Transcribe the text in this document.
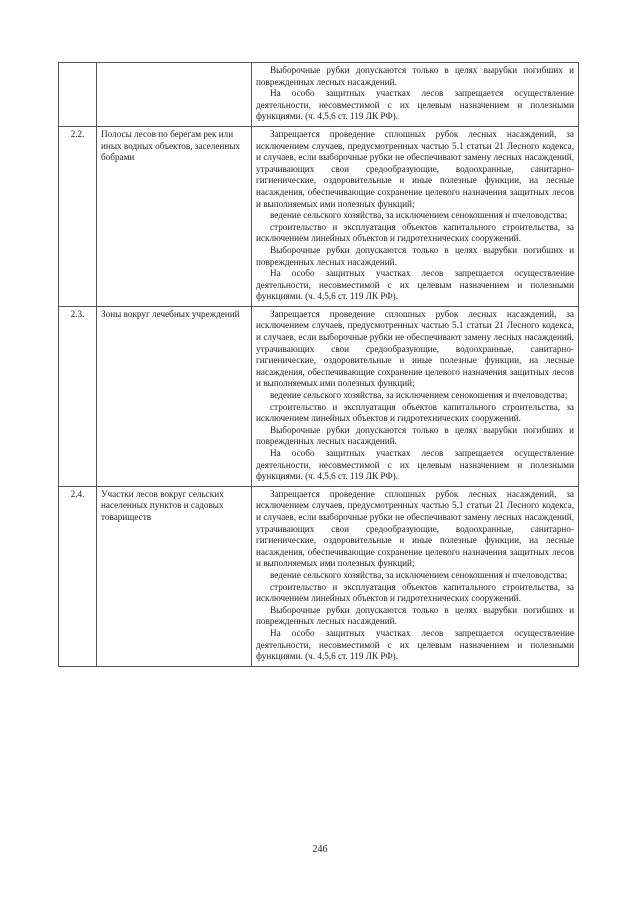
		Выборочные рубки допускаются только в целях вырубки погибших и поврежденных лесных насаждений.

На особо защитных участках лесов запрещается осуществление деятельности, несовместимой с их целевым назначением и полезными функциями. (ч. 4,5,6 ст. 119 ЛК РФ).

2.2.	Полосы лесов по берегам рек или иных водных объектов, заселенных бобрами	Запрещается проведение сплошных рубок лесных насаждений, за исключением случаев, предусмотренных частью 5.1 статьи 21 Лесного кодекса, и случаев, если выборочные рубки не обеспечивают замену лесных насаждений, утрачивающих свои средообразующие, водоохранные, санитарно-гигиенические, оздоровительные и иные полезные функции, на лесные насаждения, обеспечивающие сохранение целевого назначения защитных лесов и выполняемых ими полезных функций;

ведение сельского хозяйства, за исключением сенокошения и пчеловодства;

строительство и эксплуатация объектов капитального строительства, за исключением линейных объектов и гидротехнических сооружений.

Выборочные рубки допускаются только в целях вырубки погибших и поврежденных лесных насаждений.

На особо защитных участках лесов запрещается осуществление деятельности, несовместимой с их целевым назначением и полезными функциями. (ч. 4,5,6 ст. 119 ЛК РФ).

2.3.	Зоны вокруг лечебных учреждений	Запрещается проведение сплошных рубок лесных насаждений, за исключением случаев, предусмотренных частью 5.1 статьи 21 Лесного кодекса, и случаев, если выборочные рубки не обеспечивают замену лесных насаждений, утрачивающих свои средообразующие, водоохранные, санитарно-гигиенические, оздоровительные и иные полезные функции, на лесные насаждения, обеспечивающие сохранение целевого назначения защитных лесов и выполняемых ими полезных функций;

ведение сельского хозяйства, за исключением сенокошения и пчеловодства;

строительство и эксплуатация объектов капитального строительства, за исключением линейных объектов и гидротехнических сооружений.

Выборочные рубки допускаются только в целях вырубки погибших и поврежденных лесных насаждений.

На особо защитных участках лесов запрещается осуществление деятельности, несовместимой с их целевым назначением и полезными функциями. (ч. 4,5,6 ст. 119 ЛК РФ).

2.4.	Участки лесов вокруг сельских населенных пунктов и садовых товариществ	Запрещается проведение сплошных рубок лесных насаждений, за исключением случаев, предусмотренных частью 5.1 статьи 21 Лесного кодекса, и случаев, если выборочные рубки не обеспечивают замену лесных насаждений, утрачивающих свои средообразующие, водоохранные, санитарно-гигиенические, оздоровительные и иные полезные функции, на лесные насаждения, обеспечивающие сохранение целевого назначения защитных лесов и выполняемых ими полезных функций;

ведение сельского хозяйства, за исключением сенокошения и пчеловодства;

строительство и эксплуатация объектов капитального строительства, за исключением линейных объектов и гидротехнических сооружений.

Выборочные рубки допускаются только в целях вырубки погибших и поврежденных лесных насаждений.

На особо защитных участках лесов запрещается осуществление деятельности, несовместимой с их целевым назначением и полезными функциями. (ч. 4,5,6 ст. 119 ЛК РФ).

246
